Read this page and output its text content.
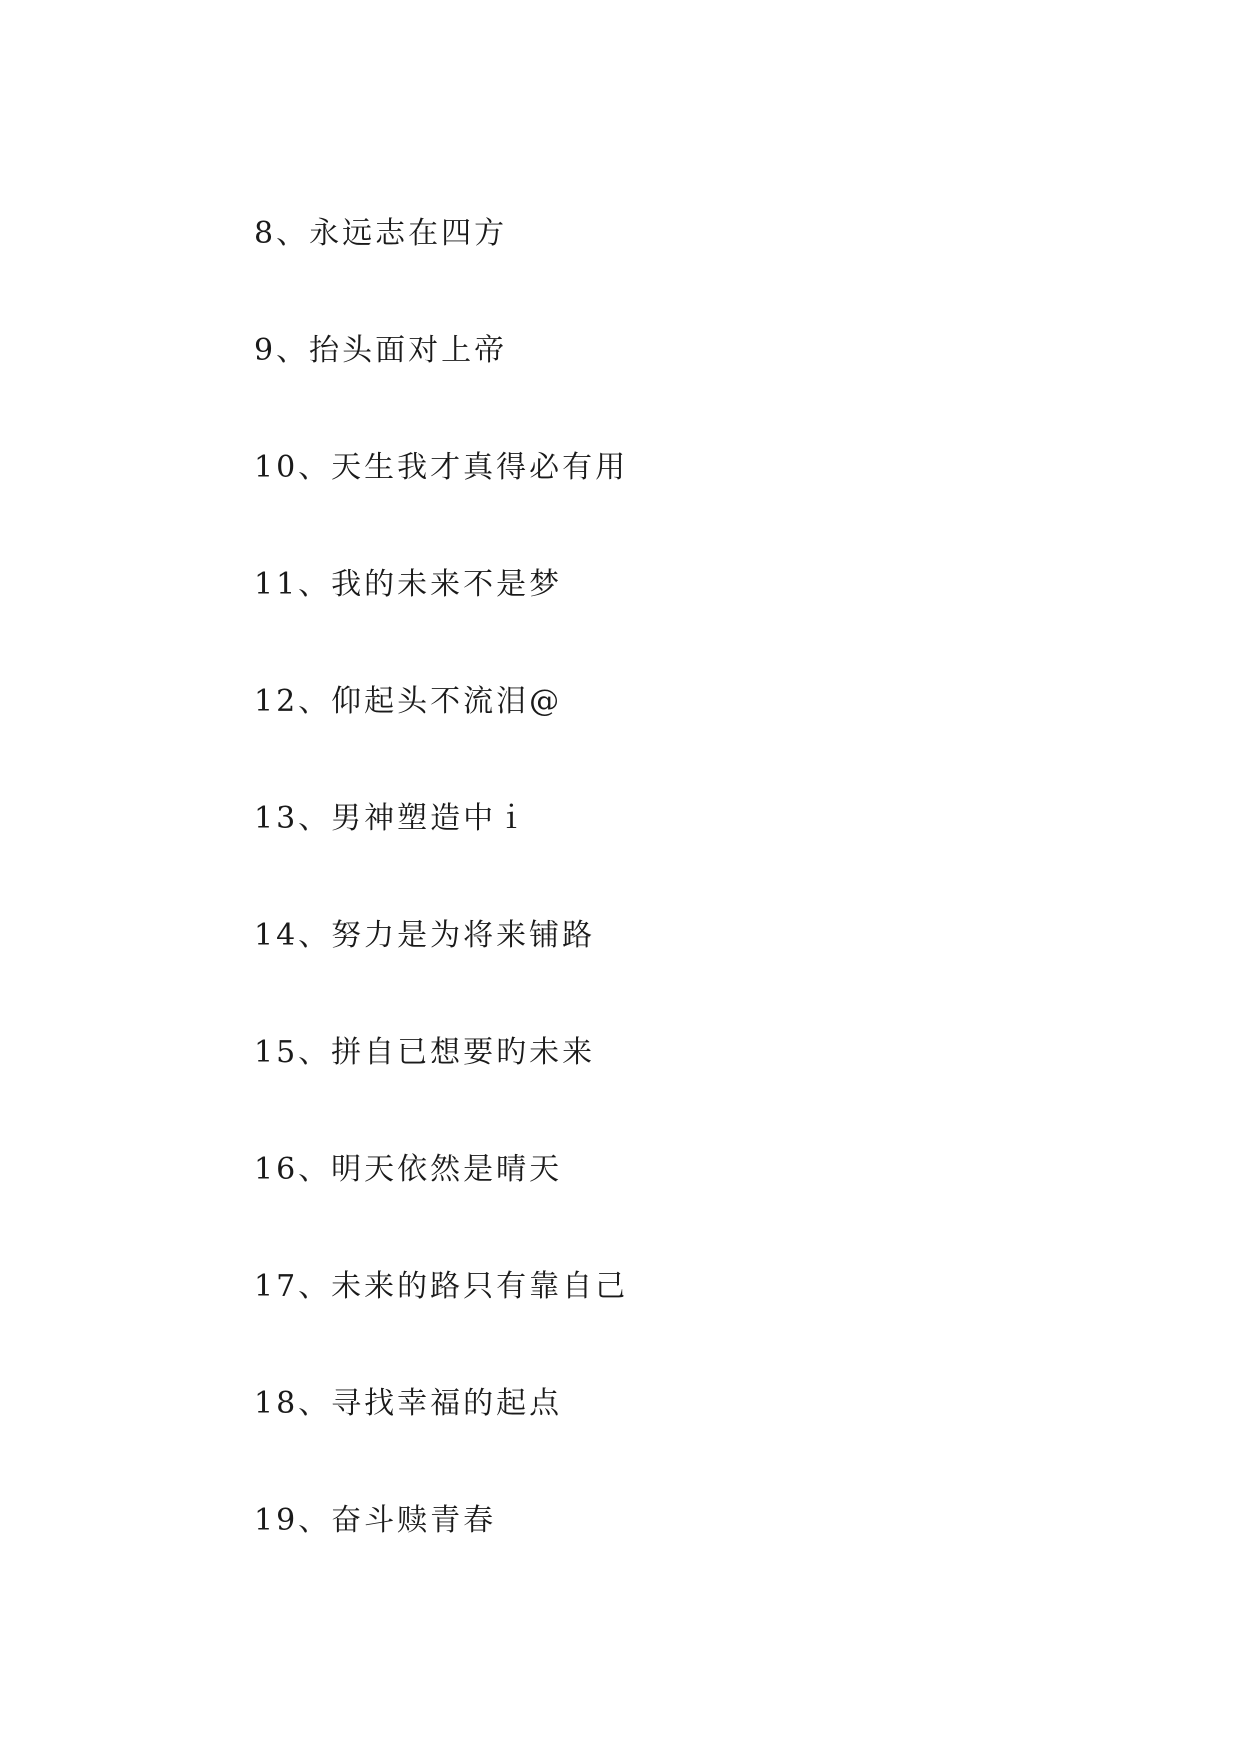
8、永远志在四方
9、抬头面对上帝
10、天生我才真得必有用
11、我的未来不是梦
12、仰起头不流泪@
13、男神塑造中ｉ
14、努力是为将来铺路
15、拼自已想要旳未来
16、明天依然是晴天
17、未来的路只有靠自己
18、寻找幸福的起点
19、奋斗赎青春
